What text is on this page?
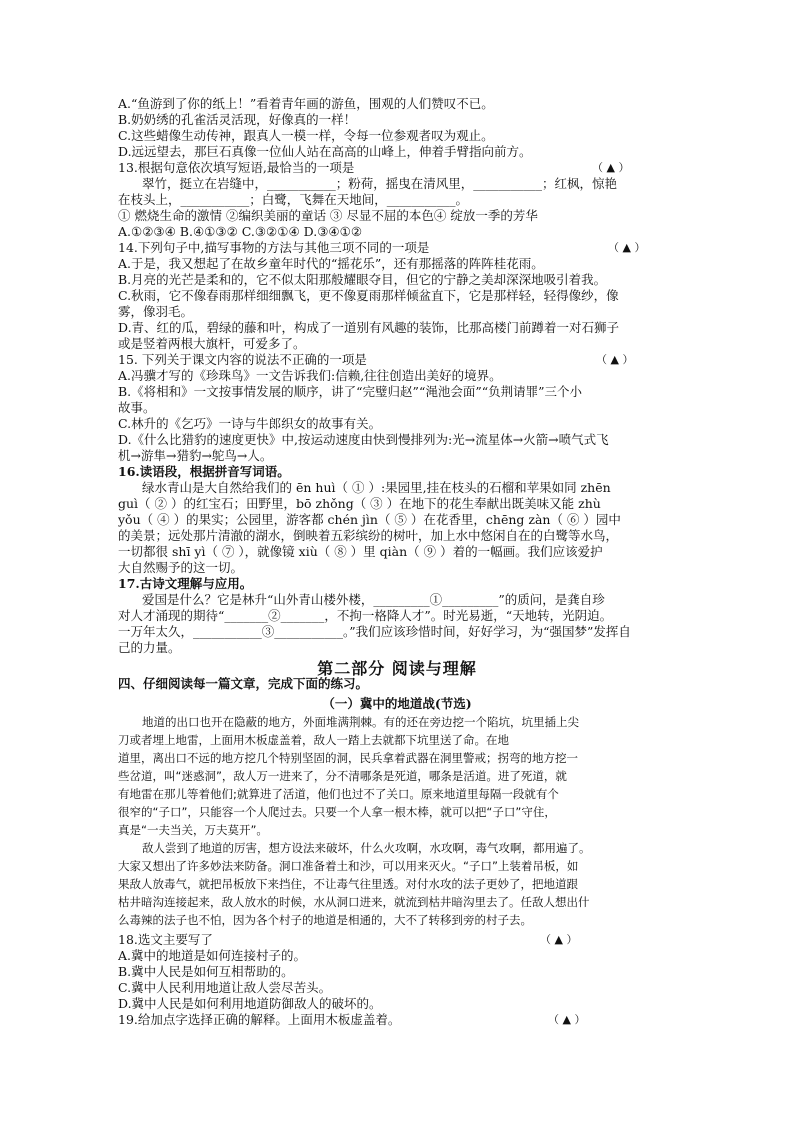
A.“鱼游到了你的纸上！”看着青年画的游鱼，围观的人们赞叹不已。
B.奶奶绣的孔雀活灵活现，好像真的一样！
C.这些蜡像生动传神，跟真人一模一样，令每一位参观者叹为观止。
D.远远望去，那巨石真像一位仙人站在高高的山峰上，伸着手臂指向前方。
13.根据句意依次填写短语,最恰当的一项是	（ ▲ ）
翠竹，挺立在岩缝中，___________；粉荷，摇曳在清风里，___________；红枫，惊艳
在枝头上，___________；白鹭，飞舞在天地间，___________。
① 燃烧生命的激情 ②编织美丽的童话 ③ 尽显不屈的本色④ 绽放一季的芳华
A.①②③④ B.④①③② C.③②①④ D.③④①②
14.下列句子中,描写事物的方法与其他三项不同的一项是	（ ▲ ）
A.于是，我又想起了在故乡童年时代的“摇花乐”，还有那摇落的阵阵桂花雨。
B.月亮的光芒是柔和的，它不似太阳那般耀眼夺目，但它的宁静之美却深深地吸引着我。
C.秋雨，它不像春雨那样细细飘飞，更不像夏雨那样倾盆直下，它是那样轻，轻得像纱，像
雾，像羽毛。
D.青、红的瓜，碧绿的藤和叶，构成了一道别有风趣的装饰，比那高楼门前蹲着一对石狮子
或是竖着两根大旗杆，可爱多了。
15. 下列关于课文内容的说法不正确的一项是	（ ▲ ）
A.冯骥才写的《珍珠鸟》一文告诉我们:信赖,往往创造出美好的境界。
B.《将相和》一文按事情发展的顺序，讲了“完璧归赵”“渑池会面”“负荆请罪”三个小
故事。
C.林升的《乞巧》一诗与牛郎织女的故事有关。
D.《什么比猎豹的速度更快》中,按运动速度由快到慢排列为:光→流星体→火箭→喷气式飞
机→游隼→猎豹→鸵鸟→人。
16.读语段，根据拼音写词语。
绿水青山是大自然给我们的 ēn huì（ ① ）:果园里,挂在枝头的石榴和苹果如同 zhēn
guì（ ② ）的红宝石；田野里，bō zhǒng（ ③ ）在地下的花生奉献出既美味又能 zhù
yǒu（ ④ ）的果实；公园里，游客都 chén jìn（ ⑤ ）在花香里，chēng zàn（ ⑥ ）园中
的美景；远处那片清澈的湖水，倒映着五彩缤纷的树叶，加上水中悠闲自在的白鹭等水鸟，
一切都很 shī yì（ ⑦ ），就像镜 xiù（ ⑧ ）里 qiàn（ ⑨ ）着的一幅画。我们应该爱护
大自然赐予的这一切。
17.古诗文理解与应用。
爱国是什么？它是林升“山外青山楼外楼，_________①_________”的质问，是龚自珍
对人才涌现的期待“_______②_______，不拘一格降人才”。时光易逝，“天地转，光阴迫。
一万年太久，___________③___________。”我们应该珍惜时间，好好学习，为“强国梦”发挥自
己的力量。
第二部分 阅读与理解
四、仔细阅读每一篇文章，完成下面的练习。
（一）冀中的地道战(节选)
地道的出口也开在隐蔽的地方，外面堆满荆棘。有的还在旁边挖一个陷坑，坑里插上尖
刀或者埋上地雷，上面用木板虚盖着，敌人一踏上去就都下坑里送了命。在地
道里，离出口不远的地方挖几个特别坚固的洞，民兵拿着武器在洞里警戒；拐弯的地方挖一
些岔道，叫“迷惑洞”，敌人万一进来了，分不清哪条是死道，哪条是活道。进了死道，就
有地雷在那儿等着他们;就算进了活道，他们也过不了关口。原来地道里每隔一段就有个
很窄的“子口”，只能容一个人爬过去。只要一个人拿一根木棒，就可以把“子口”守住，
真是“一夫当关，万夫莫开”。
敌人尝到了地道的厉害，想方设法来破坏，什么火攻啊，水攻啊，毒气攻啊，都用遍了。
大家又想出了许多妙法来防备。洞口准备着土和沙，可以用来灭火。“子口”上装着吊板，如
果敌人放毒气，就把吊板放下来挡住，不让毒气往里透。对付水攻的法子更妙了，把地道跟
枯井暗沟连接起来，敌人放水的时候，水从洞口进来，就流到枯井暗沟里去了。任敌人想出什
么毒辣的法子也不怕，因为各个村子的地道是相通的，大不了转移到旁的村子去。
18.选文主要写了	（ ▲ ）
A.冀中的地道是如何连接村子的。
B.冀中人民是如何互相帮助的。
C.冀中人民利用地道让敌人尝尽苦头。
D.冀中人民是如何利用地道防御敌人的破坏的。
19.给加点字选择正确的解释。上面用木板虚盖着。	（ ▲ ）
